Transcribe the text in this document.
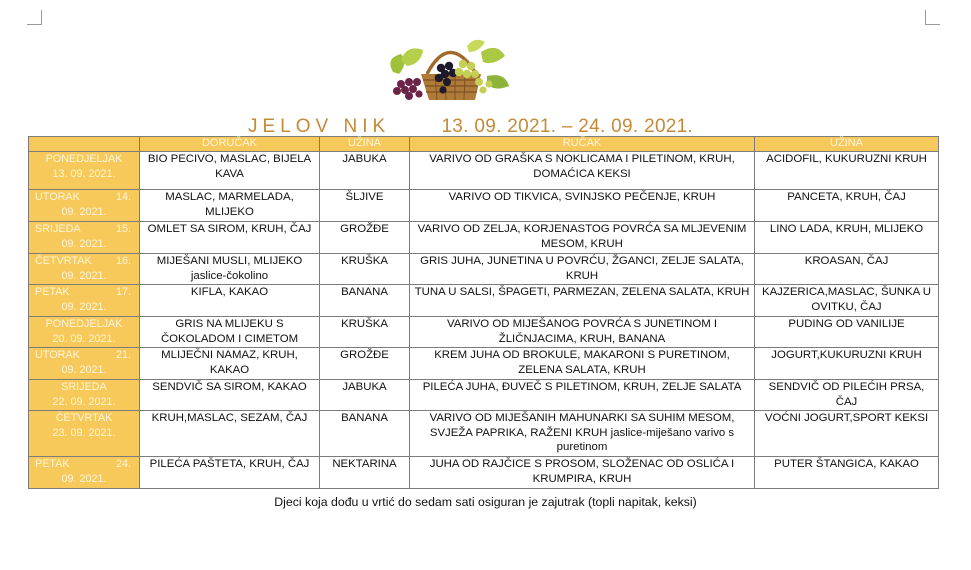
JELOV NIK	13. 09. 2021. – 24. 09. 2021.
	DORUČAK	UŽINA	RUČAK	UŽINA

PONEDJELJAK
13. 09. 2021.	BIO PECIVO, MASLAC, BIJELA KAVA	JABUKA	VARIVO OD GRAŠKA S NOKLICAMA I PILETINOM, KRUH, DOMAĆICA KEKSI	ACIDOFIL, KUKURUZNI KRUH

UTORAK 14.
09. 2021.	MASLAC, MARMELADA, MLIJEKO	ŠLJIVE	VARIVO OD TIKVICA, SVINJSKO PEČENJE, KRUH	PANCETA, KRUH, ČAJ

SRIJEDA 15.
09. 2021.	OMLET SA SIROM, KRUH, ČAJ	GROŽĐE	VARIVO OD ZELJA, KORJENASTOG POVRĆA SA MLJEVENIM MESOM, KRUH	LINO LADA, KRUH, MLIJEKO

ČETVRTAK 16.
09. 2021.	MIJEŠANI MUSLI, MLIJEKO
jaslice-čokolino	KRUŠKA	GRIS JUHA, JUNETINA U POVRĆU, ŽGANCI, ZELJE SALATA, KRUH	KROASAN, ČAJ

PETAK 17.
09. 2021.	KIFLA, KAKAO	BANANA	TUNA U SALSI, ŠPAGETI, PARMEZAN, ZELENA SALATA, KRUH	KAJZERICA,MASLAC, ŠUNKA U OVITKU, ČAJ

PONEDJELJAK
20. 09. 2021.	GRIS NA MLIJEKU S ČOKOLADOM I CIMETOM	KRUŠKA	VARIVO OD MIJEŠANOG POVRĆA S JUNETINOM I ŽLIČNJACIMA, KRUH, BANANA	PUDING OD VANILIJE

UTORAK 21.
09. 2021.	MLIJEČNI NAMAZ, KRUH, KAKAO	GROŽĐE	KREM JUHA OD BROKULE, MAKARONI S PURETINOM, ZELENA SALATA, KRUH	JOGURT,KUKURUZNI KRUH

SRIJEDA
22. 09. 2021.	SENDVIČ SA SIROM, KAKAO	JABUKA	PILEĆA JUHA, ĐUVEČ S PILETINOM, KRUH, ZELJE SALATA	SENDVIČ OD PILEĆIH PRSA, ČAJ

ČETVRTAK
23. 09. 2021.	KRUH,MASLAC, SEZAM, ČAJ	BANANA	VARIVO OD MIJEŠANIH MAHUNARKI SA SUHIM MESOM, SVJEŽA PAPRIKA, RAŽENI KRUH jaslice-miješano varivo s puretinom	VOĆNI JOGURT,SPORT KEKSI

PETAK 24.
09. 2021.	PILEĆA PAŠTETA, KRUH, ČAJ	NEKTARINA	JUHA OD RAJČICE S PROSOM, SLOŽENAC OD OSLIĆA I KRUMPIRA, KRUH	PUTER ŠTANGICA, KAKAO
Djeci koja dođu u vrtić do sedam sati osiguran je zajutrak (topli napitak, keksi)
